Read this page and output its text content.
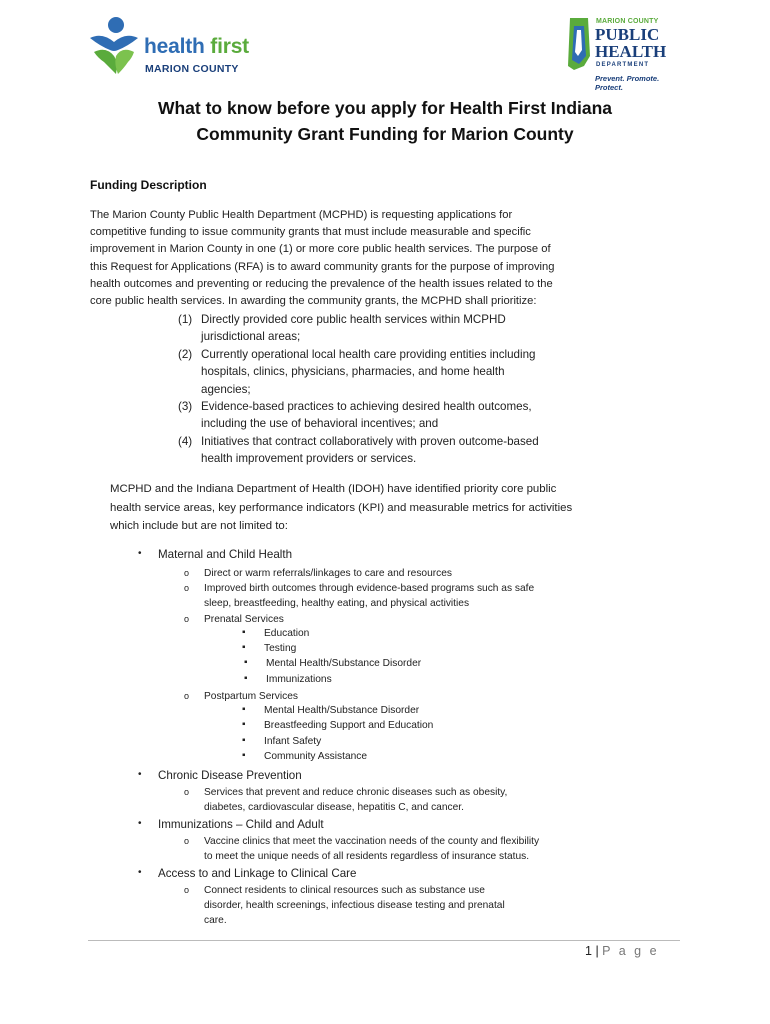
health first
MARION COUNTY
MARION COUNTY
PUBLIC
HEALTH
DEPARTMENT
Prevent. Promote. Protect.
What to know before you apply for Health First Indiana
Community Grant Funding for Marion County
Funding Description
The Marion County Public Health Department (MCPHD) is requesting applications for
competitive funding to issue community grants that must include measurable and specific
improvement in Marion County in one (1) or more core public health services. The purpose of
this Request for Applications (RFA) is to award community grants for the purpose of improving
health outcomes and preventing or reducing the prevalence of the health issues related to the
core public health services. In awarding the community grants, the MCPHD shall prioritize:
(1) Directly provided core public health services within MCPHD
jurisdictional areas;
(2) Currently operational local health care providing entities including
hospitals, clinics, physicians, pharmacies, and home health
agencies;
(3) Evidence-based practices to achieving desired health outcomes,
including the use of behavioral incentives; and
(4) Initiatives that contract collaboratively with proven outcome-based
health improvement providers or services.
MCPHD and the Indiana Department of Health (IDOH) have identified priority core public
health service areas, key performance indicators (KPI) and measurable metrics for activities
which include but are not limited to:
• Maternal and Child Health
o Direct or warm referrals/linkages to care and resources
o Improved birth outcomes through evidence-based programs such as safe
sleep, breastfeeding, healthy eating, and physical activities
o Prenatal Services
▪ Education
▪ Testing
▪ Mental Health/Substance Disorder
▪ Immunizations
o Postpartum Services
▪ Mental Health/Substance Disorder
▪ Breastfeeding Support and Education
▪ Infant Safety
▪ Community Assistance
• Chronic Disease Prevention
o Services that prevent and reduce chronic diseases such as obesity,
diabetes, cardiovascular disease, hepatitis C, and cancer.
• Immunizations – Child and Adult
o Vaccine clinics that meet the vaccination needs of the county and flexibility
to meet the unique needs of all residents regardless of insurance status.
• Access to and Linkage to Clinical Care
o Connect residents to clinical resources such as substance use
disorder, health screenings, infectious disease testing and prenatal
care.
1 | P a g e
